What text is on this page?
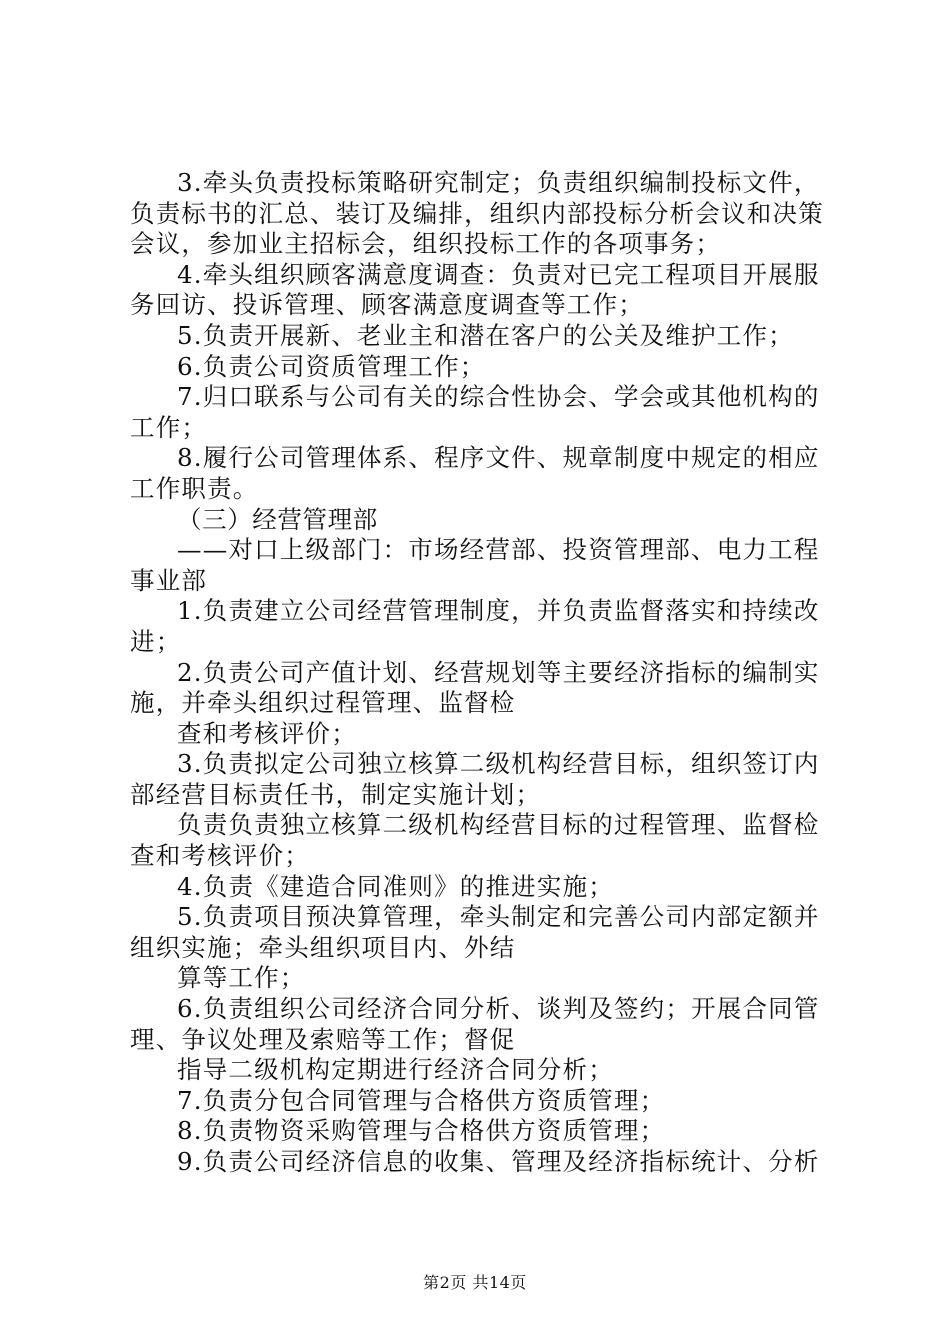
3.牵头负责投标策略研究制定；负责组织编制投标文件，
负责标书的汇总、装订及编排，组织内部投标分析会议和决策
会议，参加业主招标会，组织投标工作的各项事务；
4.牵头组织顾客满意度调查：负责对已完工程项目开展服
务回访、投诉管理、顾客满意度调查等工作；
5.负责开展新、老业主和潜在客户的公关及维护工作；
6.负责公司资质管理工作；
7.归口联系与公司有关的综合性协会、学会或其他机构的
工作；
8.履行公司管理体系、程序文件、规章制度中规定的相应
工作职责。
（三）经营管理部
——对口上级部门：市场经营部、投资管理部、电力工程
事业部
1.负责建立公司经营管理制度，并负责监督落实和持续改
进；
2.负责公司产值计划、经营规划等主要经济指标的编制实
施，并牵头组织过程管理、监督检
查和考核评价；
3.负责拟定公司独立核算二级机构经营目标，组织签订内
部经营目标责任书，制定实施计划；
负责负责独立核算二级机构经营目标的过程管理、监督检
查和考核评价；
4.负责《建造合同准则》的推进实施；
5.负责项目预决算管理，牵头制定和完善公司内部定额并
组织实施；牵头组织项目内、外结
算等工作；
6.负责组织公司经济合同分析、谈判及签约；开展合同管
理、争议处理及索赔等工作；督促
指导二级机构定期进行经济合同分析；
7.负责分包合同管理与合格供方资质管理；
8.负责物资采购管理与合格供方资质管理；
9.负责公司经济信息的收集、管理及经济指标统计、分析
第2页 共14页
